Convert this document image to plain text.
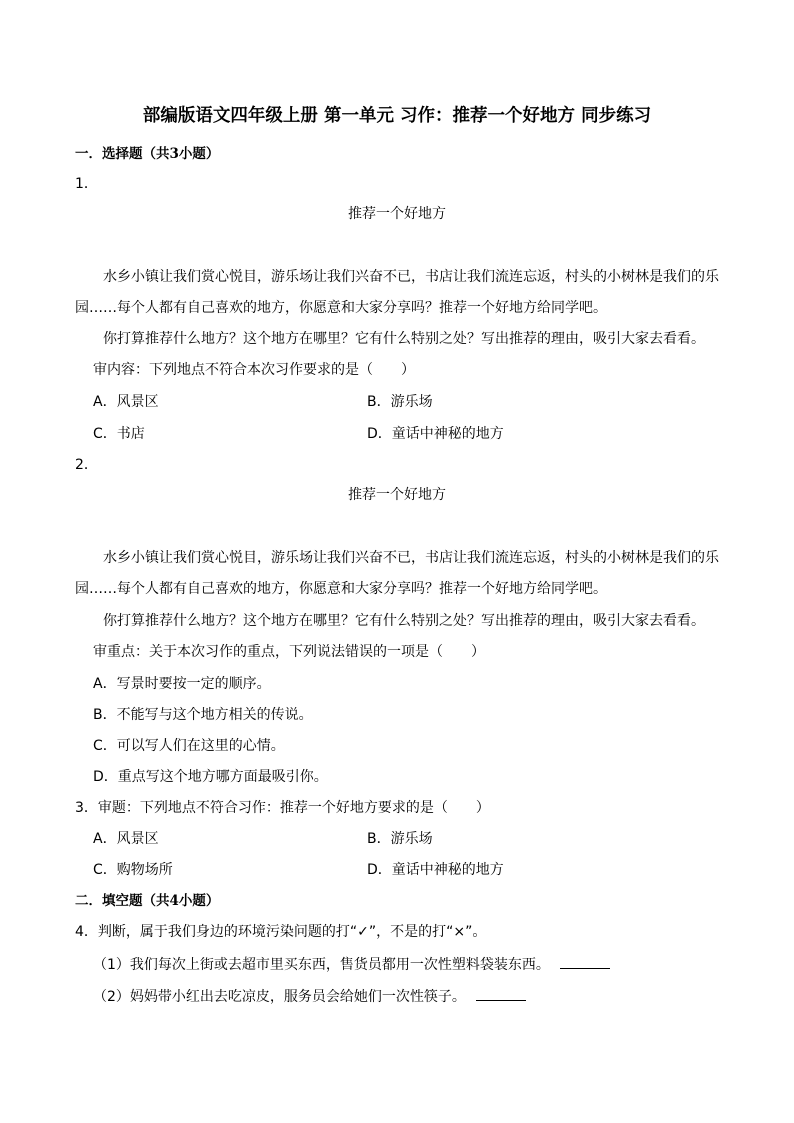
部编版语文四年级上册 第一单元 习作：推荐一个好地方 同步练习
一．选择题（共3小题）
1．
推荐一个好地方
水乡小镇让我们赏心悦目，游乐场让我们兴奋不已，书店让我们流连忘返，村头的小树林是我们的乐
园……每个人都有自己喜欢的地方，你愿意和大家分享吗？推荐一个好地方给同学吧。
你打算推荐什么地方？这个地方在哪里？它有什么特别之处？写出推荐的理由，吸引大家去看看。
审内容：下列地点不符合本次习作要求的是（　　）
A．风景区	B．游乐场
C．书店	D．童话中神秘的地方
2．
推荐一个好地方
水乡小镇让我们赏心悦目，游乐场让我们兴奋不已，书店让我们流连忘返，村头的小树林是我们的乐
园……每个人都有自己喜欢的地方，你愿意和大家分享吗？推荐一个好地方给同学吧。
你打算推荐什么地方？这个地方在哪里？它有什么特别之处？写出推荐的理由，吸引大家去看看。
审重点：关于本次习作的重点，下列说法错误的一项是（　　）
A．写景时要按一定的顺序。
B．不能写与这个地方相关的传说。
C．可以写人们在这里的心情。
D．重点写这个地方哪方面最吸引你。
3．审题：下列地点不符合习作：推荐一个好地方要求的是（　　）
A．风景区	B．游乐场
C．购物场所	D．童话中神秘的地方
二．填空题（共4小题）
4．判断，属于我们身边的环境污染问题的打“✓”，不是的打“×”。
（1）我们每次上街或去超市里买东西，售货员都用一次性塑料袋装东西。
（2）妈妈带小红出去吃凉皮，服务员会给她们一次性筷子。
